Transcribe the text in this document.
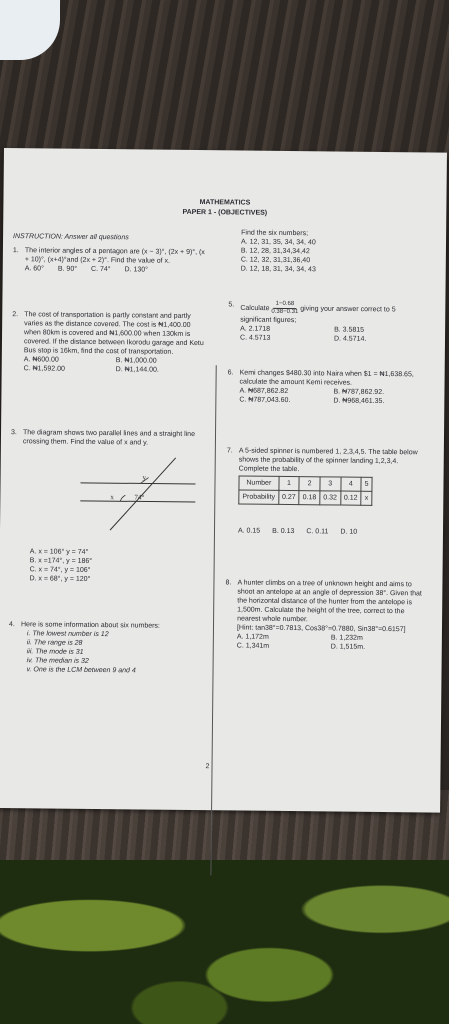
MATHEMATICS
PAPER 1 - (OBJECTIVES)
INSTRUCTION: Answer all questions
1. The interior angles of a pentagon are (x − 3)°, (2x + 9)°, (x + 10)°, (x+4)°and (2x + 2)°. Find the value of x.
A. 60° B. 90° C. 74° D. 130°
2. The cost of transportation is partly constant and partly varies as the distance covered. The cost is ₦1,400.00 when 80km is covered and ₦1,600.00 when 130km is covered. If the distance between Ikorodu garage and Ketu Bus stop is 16km, find the cost of transportation.
A. ₦600.00	B. ₦1,000.00
C. ₦1,592.00	D. ₦1,144.00.
3. The diagram shows two parallel lines and a straight line crossing them. Find the value of x and y.
y
x	74°
A. x = 106° y = 74°
B. x =174°, y = 186°
C. x = 74°, y = 106°
D. x = 68°, y = 120°
4. Here is some information about six numbers:
i. The lowest number is 12
ii. The range is 28
iii. The mode is 31
iv. The median is 32
v. One is the LCM between 9 and 4
Find the six numbers;
A. 12, 31, 35, 34, 34, 40
B. 12, 28, 31,34,34,42
C. 12, 32, 31,31,36,40
D. 12, 18, 31, 34, 34, 43
5. Calculate $\frac{1-0.68}{0.38-0.31}$ giving your answer correct to 5 significant figures;
A. 2.1718	B. 3.5815
C. 4.5713	D. 4.5714.
6. Kemi changes $480.30 into Naira when $1 = ₦1,638.65, calculate the amount Kemi receives.
A. ₦687,862.82	B. ₦787,862.92.
C. ₦787,043.60.	D. ₦968,461.35.
7. A 5-sided spinner is numbered 1, 2,3,4,5. The table below shows the probability of the spinner landing 1,2,3,4. Complete the table.
Number	1	2	3	4	5
Probability	0.27	0.18	0.32	0.12	x
A. 0.15 B. 0.13 C. 0.11 D. 10
8. A hunter climbs on a tree of unknown height and aims to shoot an antelope at an angle of depression 38°. Given that the horizontal distance of the hunter from the antelope is 1,500m. Calculate the height of the tree, correct to the nearest whole number.
[Hint: tan38°=0.7813, Cos38°=0.7880, Sin38°=0.6157]
A. 1,172m	B. 1,232m
C. 1,341m	D. 1,515m.
2
